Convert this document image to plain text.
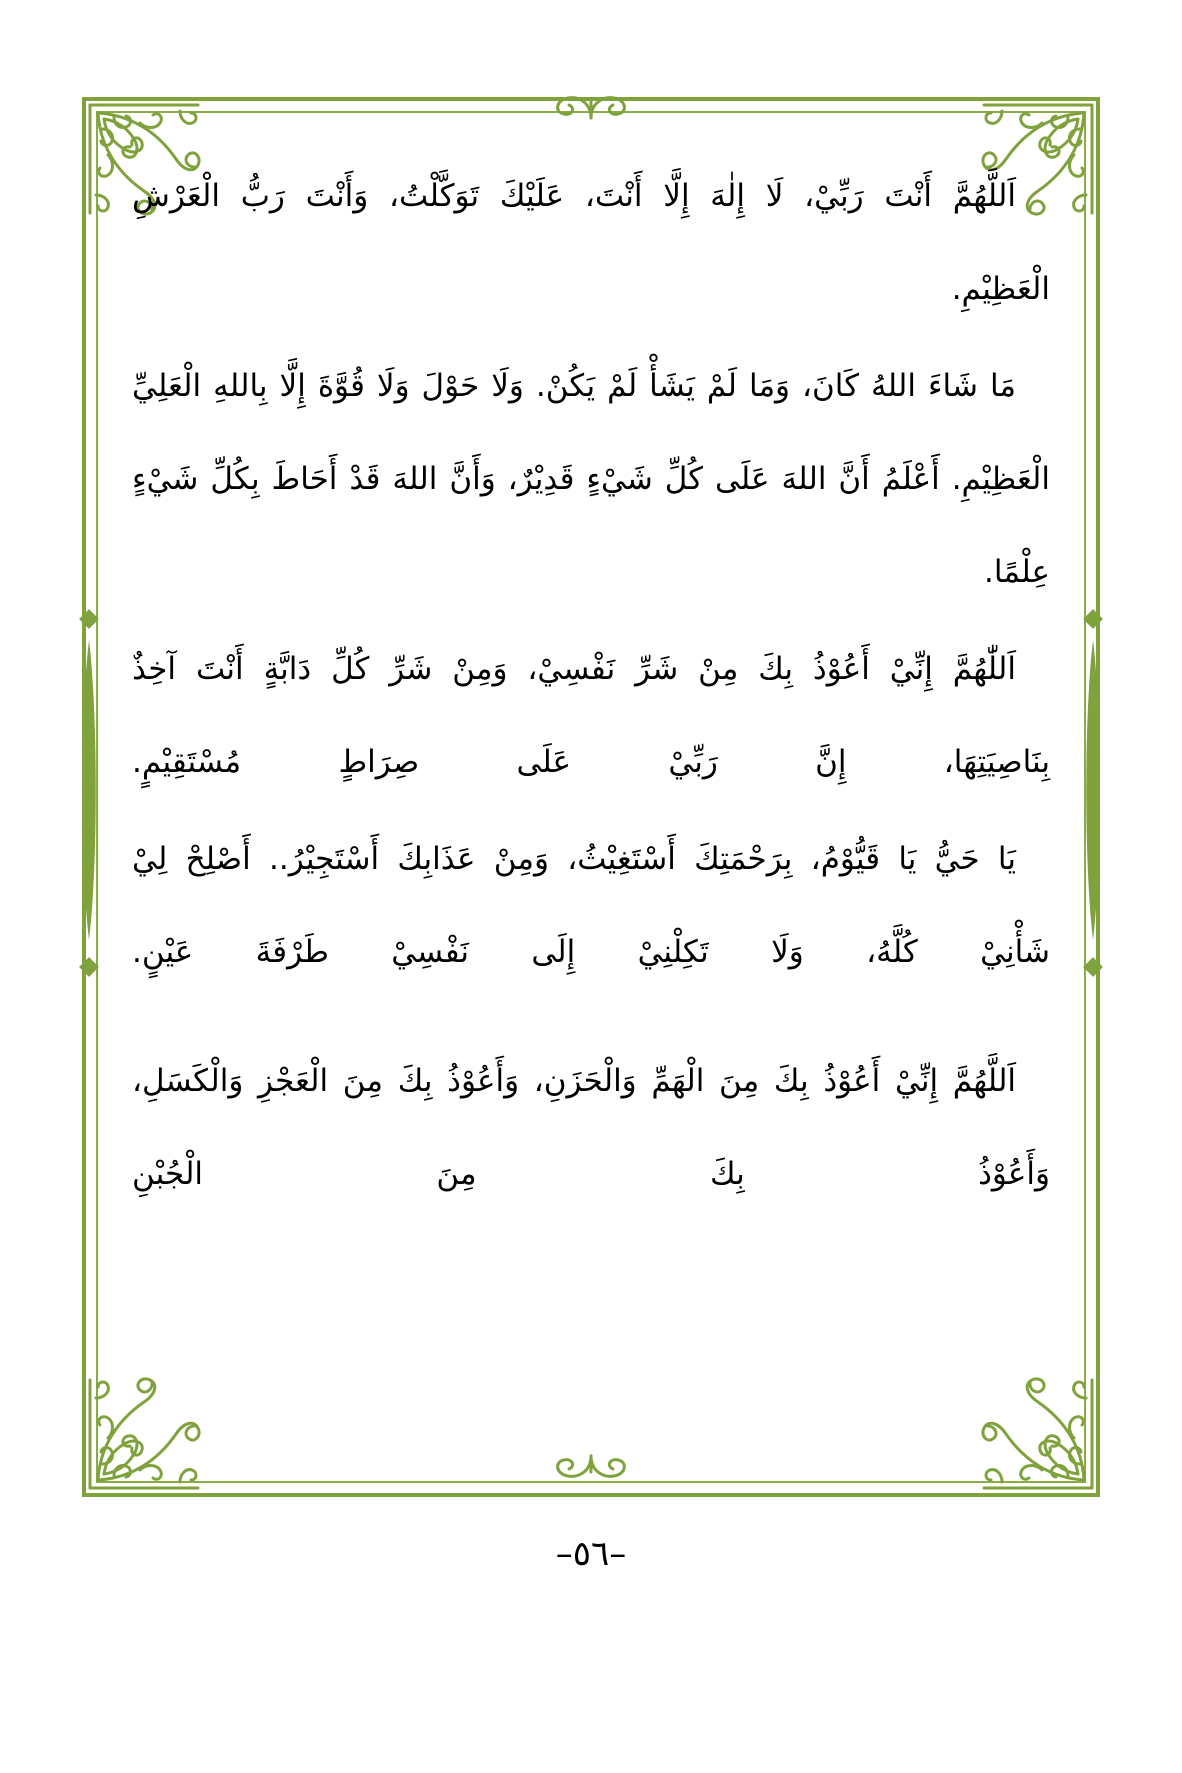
اَللَّهُمَّ أَنْتَ رَبِّيْ، لَا إِلٰهَ إِلَّا أَنْتَ، عَلَيْكَ تَوَكَّلْتُ، وَأَنْتَ رَبُّ الْعَرْشِ الْعَظِيْمِ.

مَا شَاءَ اللهُ كَانَ، وَمَا لَمْ يَشَأْ لَمْ يَكُنْ. وَلَا حَوْلَ وَلَا قُوَّةَ إِلَّا بِاللهِ الْعَلِيِّ الْعَظِيْمِ. أَعْلَمُ أَنَّ اللهَ عَلَى كُلِّ شَيْءٍ قَدِيْرٌ، وَأَنَّ اللهَ قَدْ أَحَاطَ بِكُلِّ شَيْءٍ عِلْمًا.

اَللّٰهُمَّ إِنِّيْ أَعُوْذُ بِكَ مِنْ شَرِّ نَفْسِيْ، وَمِنْ شَرِّ كُلِّ دَابَّةٍ أَنْتَ آخِذٌ بِنَاصِيَتِهَا، إِنَّ رَبِّيْ عَلَى صِرَاطٍ مُسْتَقِيْمٍ.

يَا حَيُّ يَا قَيُّوْمُ، بِرَحْمَتِكَ أَسْتَغِيْثُ، وَمِنْ عَذَابِكَ أَسْتَجِيْرُ.. أَصْلِحْ لِيْ شَأْنِيْ كُلَّهُ، وَلَا تَكِلْنِيْ إِلَى نَفْسِيْ طَرْفَةَ عَيْنٍ.

اَللَّهُمَّ إِنِّيْ أَعُوْذُ بِكَ مِنَ الْهَمِّ وَالْحَزَنِ، وَأَعُوْذُ بِكَ مِنَ الْعَجْزِ وَالْكَسَلِ، وَأَعُوْذُ بِكَ مِنَ الْجُبْنِ

–٥٦–
